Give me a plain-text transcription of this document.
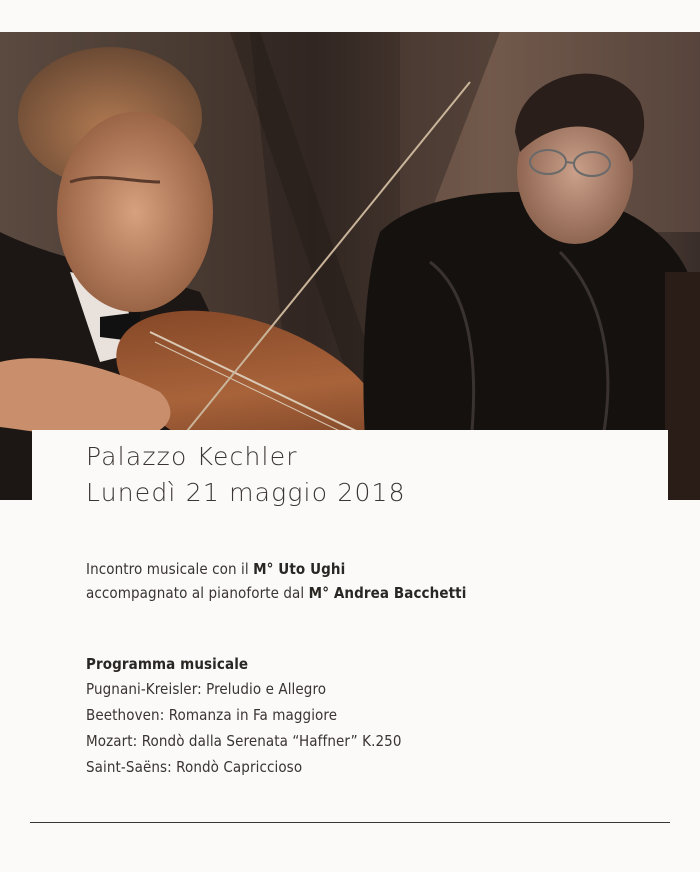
Palazzo Kechler
Lunedì 21 maggio 2018
Incontro musicale con il M° Uto Ughi
accompagnato al pianoforte dal M° Andrea Bacchetti
Programma musicale
Pugnani-Kreisler: Preludio e Allegro
Beethoven: Romanza in Fa maggiore
Mozart: Rondò dalla Serenata “Haffner” K.250
Saint-Saëns: Rondò Capriccioso
